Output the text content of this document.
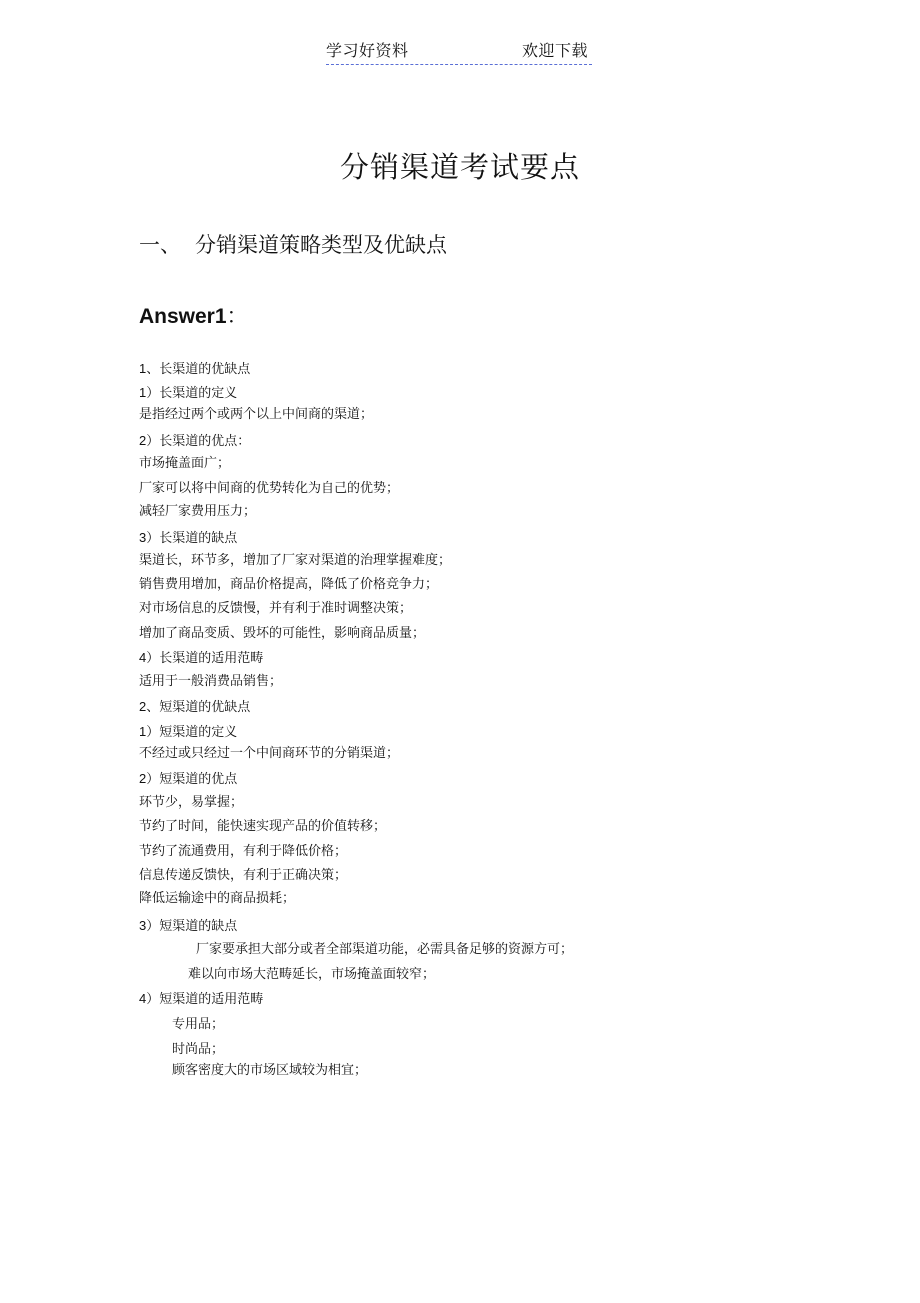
学习好资料	欢迎下载
分销渠道考试要点
一、 分销渠道策略类型及优缺点
Answer1：
1、长渠道的优缺点
1）长渠道的定义
是指经过两个或两个以上中间商的渠道；
2）长渠道的优点：
市场掩盖面广；
厂家可以将中间商的优势转化为自己的优势；
减轻厂家费用压力；
3）长渠道的缺点
渠道长，环节多，增加了厂家对渠道的治理掌握难度；
销售费用增加，商品价格提高，降低了价格竞争力；
对市场信息的反馈慢，并有利于准时调整决策；
增加了商品变质、毁坏的可能性，影响商品质量；
4）长渠道的适用范畴
适用于一般消费品销售；
2、短渠道的优缺点
1）短渠道的定义
不经过或只经过一个中间商环节的分销渠道；
2）短渠道的优点
环节少，易掌握；
节约了时间，能快速实现产品的价值转移；
节约了流通费用，有利于降低价格；
信息传递反馈快，有利于正确决策；
降低运输途中的商品损耗；
3）短渠道的缺点
厂家要承担大部分或者全部渠道功能，必需具备足够的资源方可；
难以向市场大范畴延长，市场掩盖面较窄；
4）短渠道的适用范畴
专用品；
时尚品；
顾客密度大的市场区域较为相宜；
